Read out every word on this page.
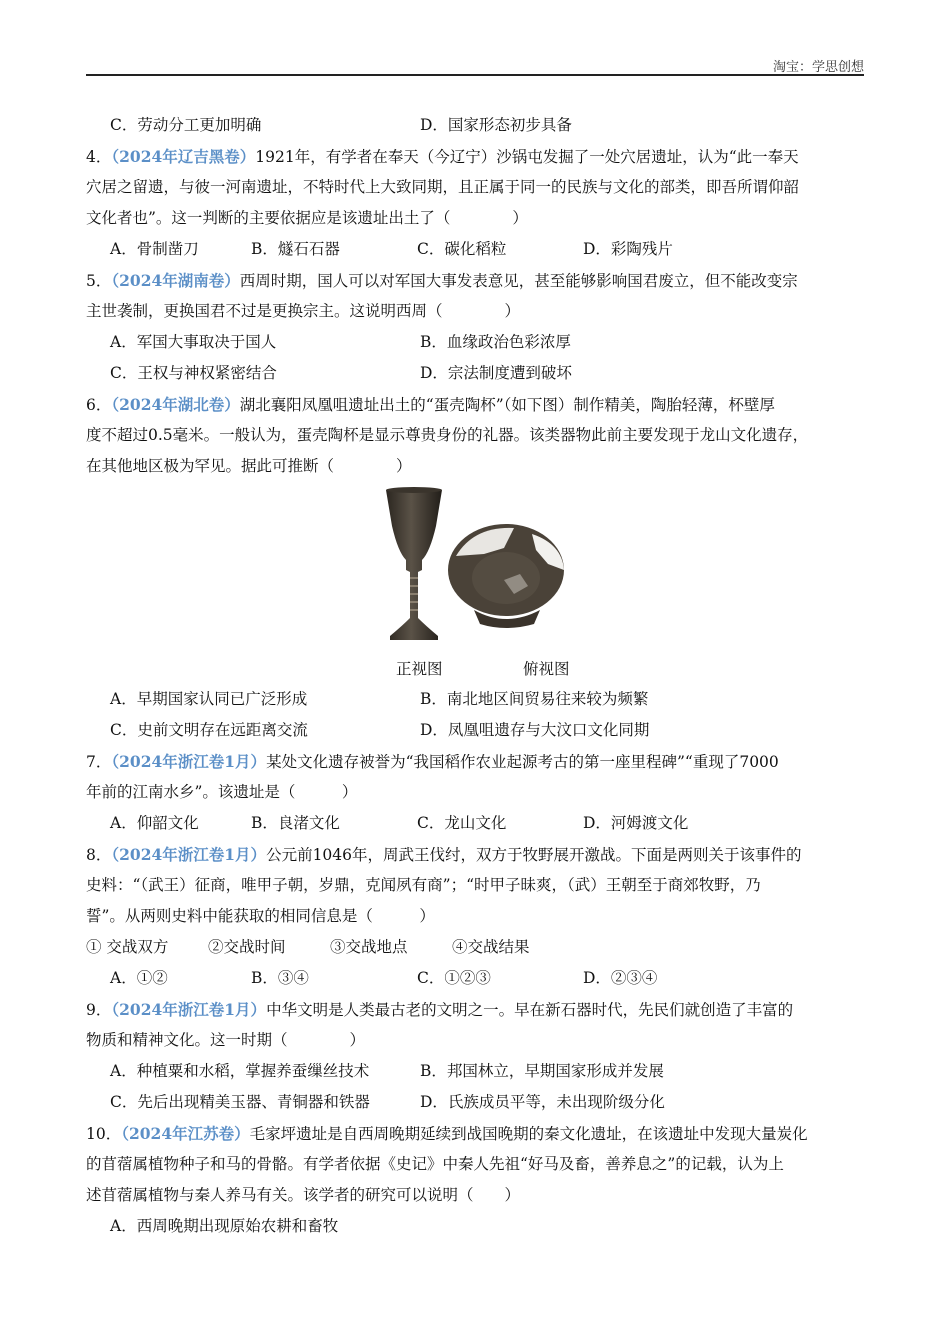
淘宝：学思创想
C．劳动分工更加明确	D．国家形态初步具备
4．（2024年辽吉黑卷）1921年，有学者在奉天（今辽宁）沙锅屯发掘了一处穴居遗址，认为“此一奉天
穴居之留遗，与彼一河南遗址，不特时代上大致同期，且正属于同一的民族与文化的部类，即吾所谓仰韶
文化者也”。这一判断的主要依据应是该遗址出土了（　　　　）
A．骨制凿刀	B．燧石石器	C．碳化稻粒	D．彩陶残片
5．（2024年湖南卷）西周时期，国人可以对军国大事发表意见，甚至能够影响国君废立，但不能改变宗
主世袭制，更换国君不过是更换宗主。这说明西周（　　　　）
A．军国大事取决于国人	B．血缘政治色彩浓厚
C．王权与神权紧密结合	D．宗法制度遭到破坏
6．（2024年湖北卷）湖北襄阳凤凰咀遗址出土的“蛋壳陶杯”（如下图）制作精美，陶胎轻薄，杯壁厚
度不超过0.5毫米。一般认为，蛋壳陶杯是显示尊贵身份的礼器。该类器物此前主要发现于龙山文化遗存，
在其他地区极为罕见。据此可推断（　　　　）
正视图	俯视图
A．早期国家认同已广泛形成	B．南北地区间贸易往来较为频繁
C．史前文明存在远距离交流	D．凤凰咀遗存与大汶口文化同期
7．（2024年浙江卷1月）某处文化遗存被誉为“我国稻作农业起源考古的第一座里程碑”“重现了7000
年前的江南水乡”。该遗址是（　　　）
A．仰韶文化	B．良渚文化	C．龙山文化	D．河姆渡文化
8．（2024年浙江卷1月）公元前1046年，周武王伐纣，双方于牧野展开激战。下面是两则关于该事件的
史料：“（武王）征商，唯甲子朝，岁鼎，克闻夙有商”；“时甲子昧爽，（武）王朝至于商郊牧野，乃
誓”。从两则史料中能获取的相同信息是（　　　）
① 交战双方	②交战时间	③交战地点	④交战结果
A．①②	B．③④	C．①②③	D．②③④
9．（2024年浙江卷1月）中华文明是人类最古老的文明之一。早在新石器时代，先民们就创造了丰富的
物质和精神文化。这一时期（　　　　）
A．种植粟和水稻，掌握养蚕缫丝技术	B．邦国林立，早期国家形成并发展
C．先后出现精美玉器、青铜器和铁器	D．氏族成员平等，未出现阶级分化
10．（2024年江苏卷）毛家坪遗址是自西周晚期延续到战国晚期的秦文化遗址，在该遗址中发现大量炭化
的苜蓿属植物种子和马的骨骼。有学者依据《史记》中秦人先祖“好马及畜，善养息之”的记载，认为上
述苜蓿属植物与秦人养马有关。该学者的研究可以说明（　　）
A．西周晚期出现原始农耕和畜牧
